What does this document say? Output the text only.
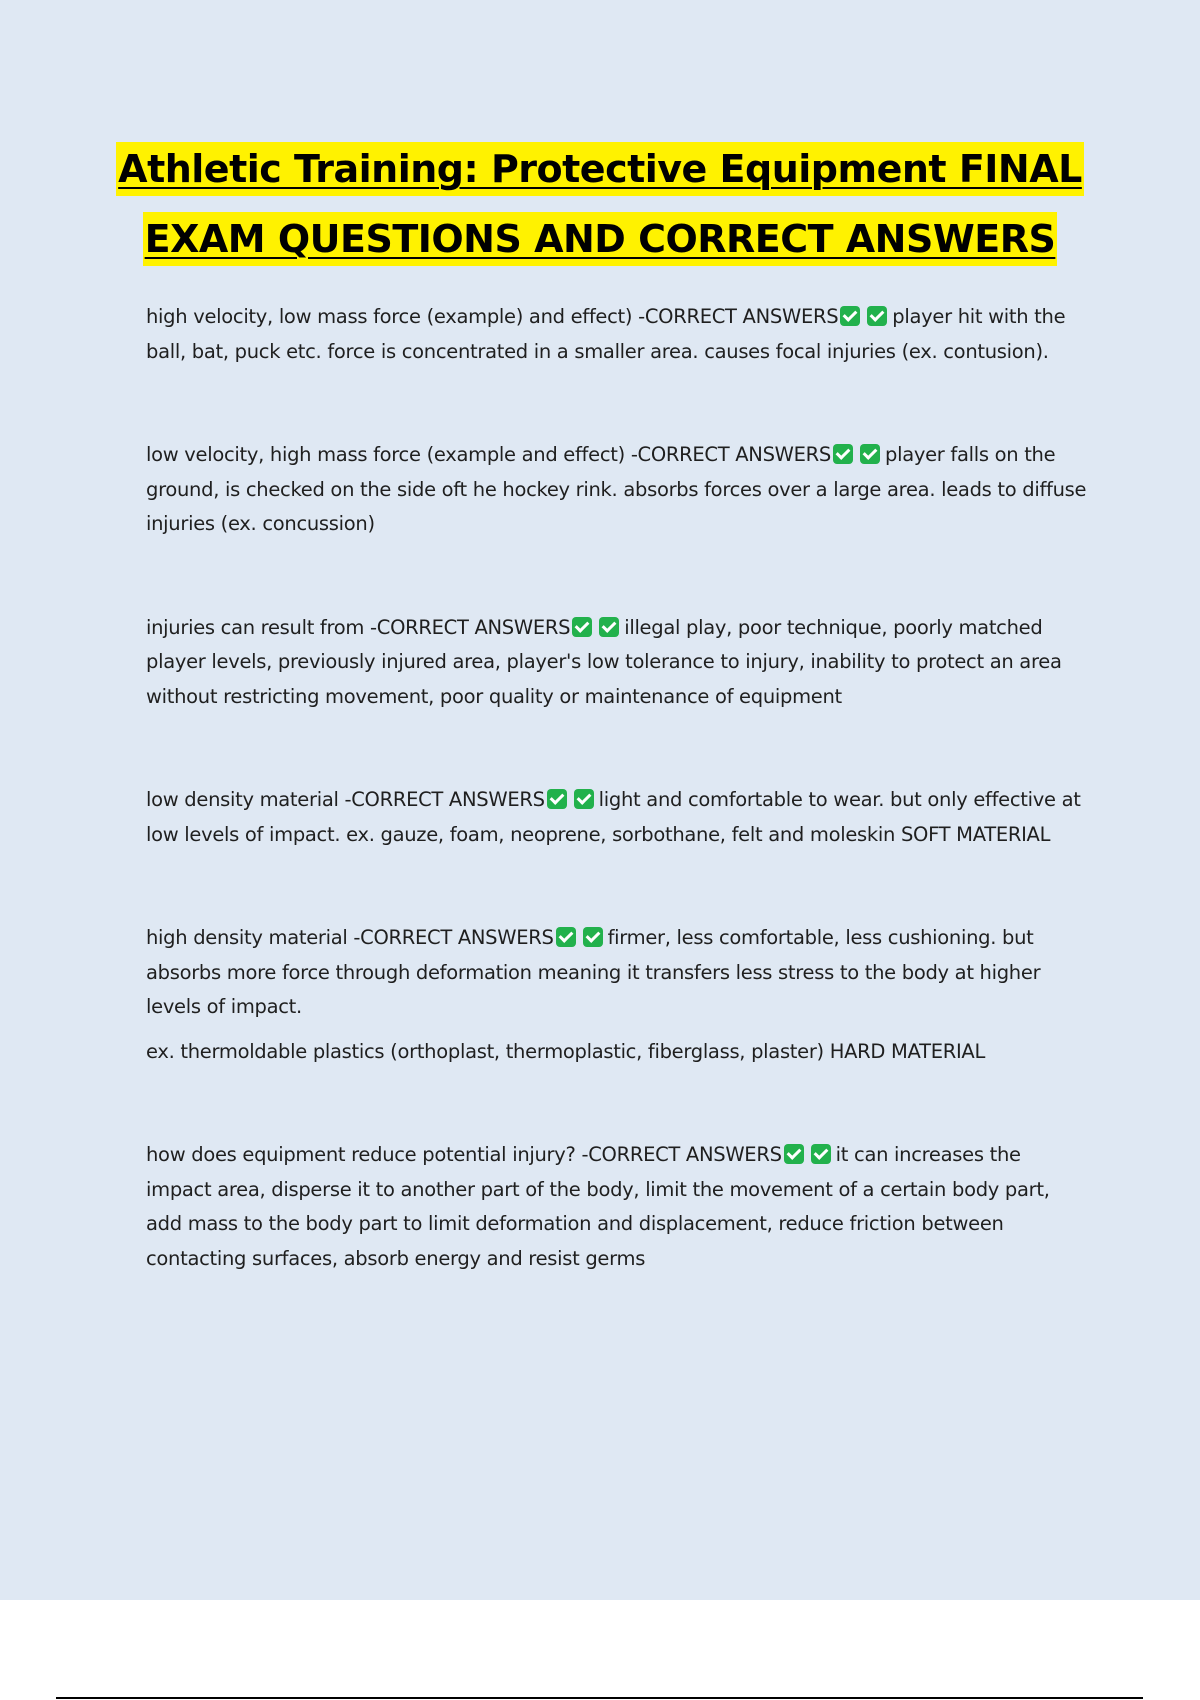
Athletic Training: Protective Equipment FINAL
EXAM QUESTIONS AND CORRECT ANSWERS

high velocity, low mass force (example) and effect) -CORRECT ANSWERS	player hit with the ball, bat, puck etc. force is concentrated in a smaller area. causes focal injuries (ex. contusion).

low velocity, high mass force (example and effect) -CORRECT ANSWERS	player falls on the ground, is checked on the side oft he hockey rink. absorbs forces over a large area. leads to diffuse injuries (ex. concussion)

injuries can result from -CORRECT ANSWERS	illegal play, poor technique, poorly matched player levels, previously injured area, player's low tolerance to injury, inability to protect an area without restricting movement, poor quality or maintenance of equipment

low density material -CORRECT ANSWERS	light and comfortable to wear. but only effective at low levels of impact. ex. gauze, foam, neoprene, sorbothane, felt and moleskin SOFT MATERIAL

high density material -CORRECT ANSWERS	firmer, less comfortable, less cushioning. but absorbs more force through deformation meaning it transfers less stress to the body at higher levels of impact.

ex. thermoldable plastics (orthoplast, thermoplastic, fiberglass, plaster) HARD MATERIAL

how does equipment reduce potential injury? -CORRECT ANSWERS	it can increases the impact area, disperse it to another part of the body, limit the movement of a certain body part, add mass to the body part to limit deformation and displacement, reduce friction between contacting surfaces, absorb energy and resist germs
